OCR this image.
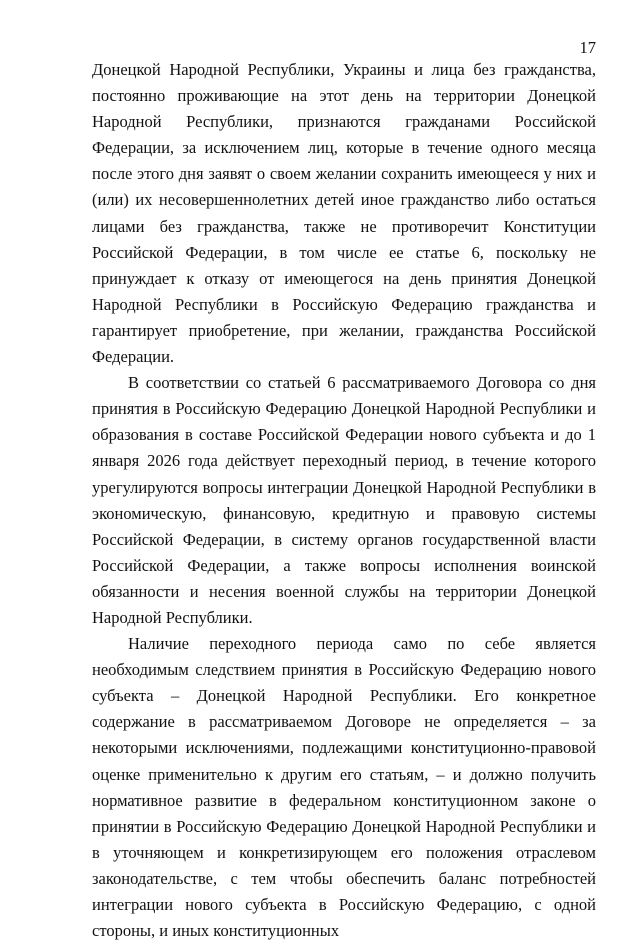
17

Донецкой Народной Республики, Украины и лица без гражданства, постоянно проживающие на этот день на территории Донецкой Народной Республики, признаются гражданами Российской Федерации, за исключением лиц, которые в течение одного месяца после этого дня заявят о своем желании сохранить имеющееся у них и (или) их несовершеннолетних детей иное гражданство либо остаться лицами без гражданства, также не противоречит Конституции Российской Федерации, в том числе ее статье 6, поскольку не принуждает к отказу от имеющегося на день принятия Донецкой Народной Республики в Российскую Федерацию гражданства и гарантирует приобретение, при желании, гражданства Российской Федерации.

В соответствии со статьей 6 рассматриваемого Договора со дня принятия в Российскую Федерацию Донецкой Народной Республики и образования в составе Российской Федерации нового субъекта и до 1 января 2026 года действует переходный период, в течение которого урегулируются вопросы интеграции Донецкой Народной Республики в экономическую, финансовую, кредитную и правовую системы Российской Федерации, в систему органов государственной власти Российской Федерации, а также вопросы исполнения воинской обязанности и несения военной службы на территории Донецкой Народной Республики.

Наличие переходного периода само по себе является необходимым следствием принятия в Российскую Федерацию нового субъекта – Донецкой Народной Республики. Его конкретное содержание в рассматриваемом Договоре не определяется – за некоторыми исключениями, подлежащими конституционно-правовой оценке применительно к другим его статьям, – и должно получить нормативное развитие в федеральном конституционном законе о принятии в Российскую Федерацию Донецкой Народной Республики и в уточняющем и конкретизирующем его положения отраслевом законодательстве, с тем чтобы обеспечить баланс потребностей интеграции нового субъекта в Российскую Федерацию, с одной стороны, и иных конституционных
